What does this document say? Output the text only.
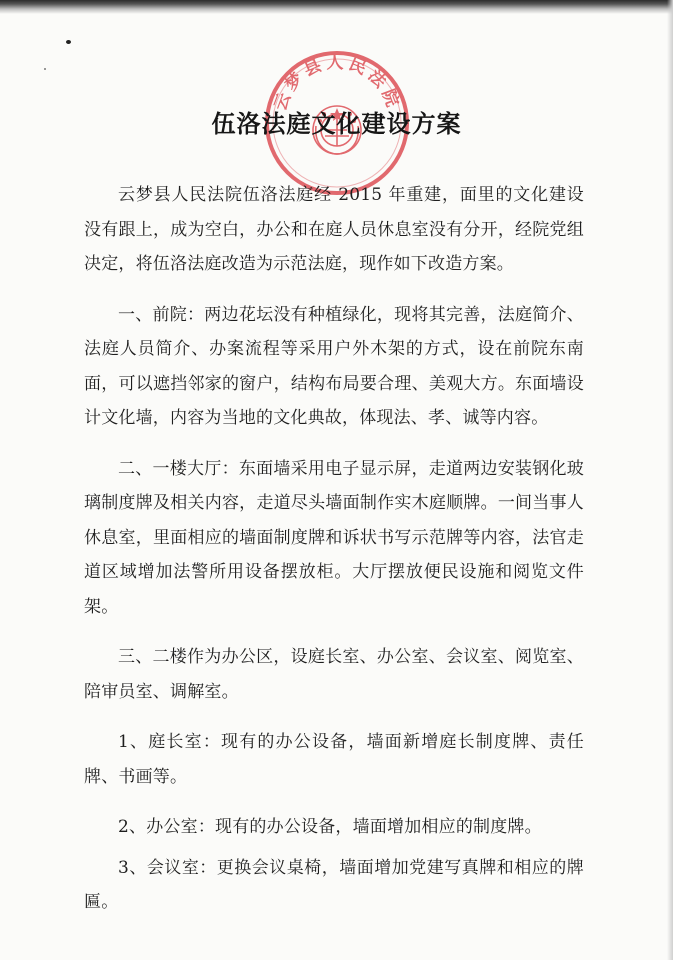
云梦县人民法院
伍洛法庭文化建设方案

云梦县人民法院伍洛法庭经 2015 年重建，面里的文化建设没有跟上，成为空白，办公和在庭人员休息室没有分开，经院党组决定，将伍洛法庭改造为示范法庭，现作如下改造方案。

一、前院：两边花坛没有种植绿化，现将其完善，法庭简介、法庭人员简介、办案流程等采用户外木架的方式，设在前院东南面，可以遮挡邻家的窗户，结构布局要合理、美观大方。东面墙设计文化墙，内容为当地的文化典故，体现法、孝、诚等内容。

二、一楼大厅：东面墙采用电子显示屏，走道两边安装钢化玻璃制度牌及相关内容，走道尽头墙面制作实木庭顺牌。一间当事人休息室，里面相应的墙面制度牌和诉状书写示范牌等内容，法官走道区域增加法警所用设备摆放柜。大厅摆放便民设施和阅览文件架。

三、二楼作为办公区，设庭长室、办公室、会议室、阅览室、陪审员室、调解室。

1、庭长室：现有的办公设备，墙面新增庭长制度牌、责任牌、书画等。

2、办公室：现有的办公设备，墙面增加相应的制度牌。

3、会议室：更换会议桌椅，墙面增加党建写真牌和相应的牌匾。
